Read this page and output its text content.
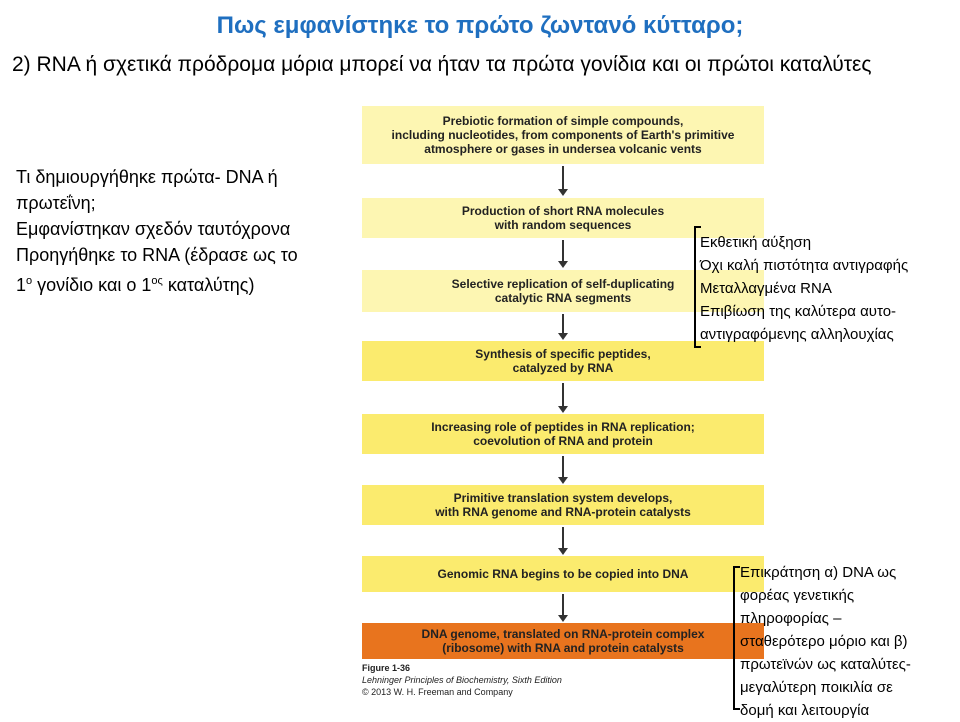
Πως εμφανίστηκε το πρώτο ζωντανό κύτταρο;
2) RNA ή σχετικά πρόδρομα μόρια μπορεί να ήταν τα πρώτα γονίδια και οι πρώτοι καταλύτες
Τι δημιουργήθηκε πρώτα- DNA ή
πρωτεΐνη;
Εμφανίστηκαν σχεδόν ταυτόχρονα
Προηγήθηκε το RNA (έδρασε ως το
$1^o$ γονίδιο και ο $1^{o\varsigma}$ καταλύτης)
Prebiotic formation of simple compounds,
including nucleotides, from components of Earth's primitive
atmosphere or gases in undersea volcanic vents
Production of short RNA molecules
with random sequences
Selective replication of self-duplicating
catalytic RNA segments
Synthesis of specific peptides,
catalyzed by RNA
Increasing role of peptides in RNA replication;
coevolution of RNA and protein
Primitive translation system develops,
with RNA genome and RNA-protein catalysts
Genomic RNA begins to be copied into DNA
DNA genome, translated on RNA-protein complex
(ribosome) with RNA and protein catalysts
Figure 1-36
Lehninger Principles of Biochemistry, Sixth Edition
© 2013 W. H. Freeman and Company
Εκθετική αύξηση
Όχι καλή πιστότητα αντιγραφής
Μεταλλαγμένα RNA
Επιβίωση της καλύτερα αυτο-
αντιγραφόμενης αλληλουχίας
Επικράτηση α) DNA ως
φορέας γενετικής
πληροφορίας –
σταθερότερο μόριο και β)
πρωτεϊνών ως καταλύτες-
μεγαλύτερη ποικιλία σε
δομή και λειτουργία
